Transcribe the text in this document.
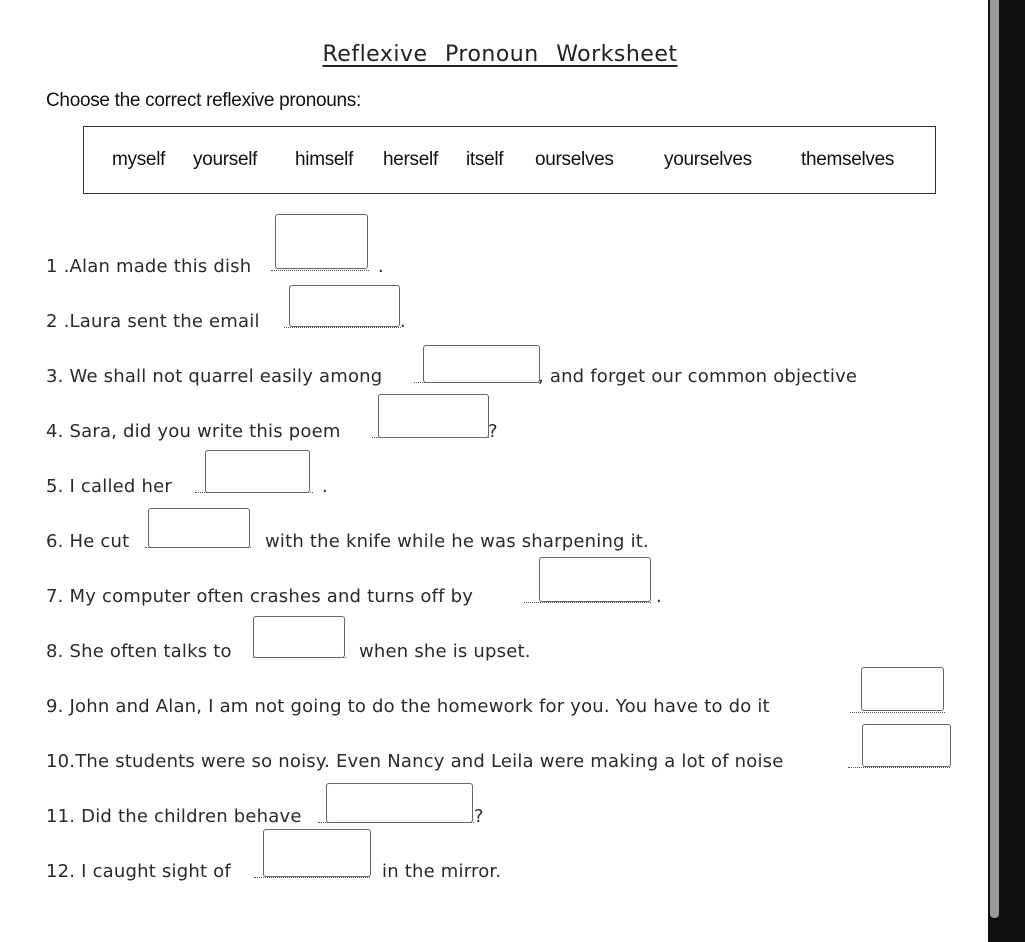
Reflexive Pronoun Worksheet
Choose the correct reflexive pronouns:
myself yourself himself herself itself ourselves	yourselves	themselves
1 .Alan made this dish	.
2 .Laura sent the email	.
3. We shall not quarrel easily among	, and forget our common objective
4. Sara, did you write this poem	?
5. I called her	.
6. He cut	with the knife while he was sharpening it.
7. My computer often crashes and turns off by	.
8. She often talks to	when she is upset.
9. John and Alan, I am not going to do the homework for you. You have to do it
10.The students were so noisy. Even Nancy and Leila were making a lot of noise
11. Did the children behave	?
12. I caught sight of	in the mirror.
